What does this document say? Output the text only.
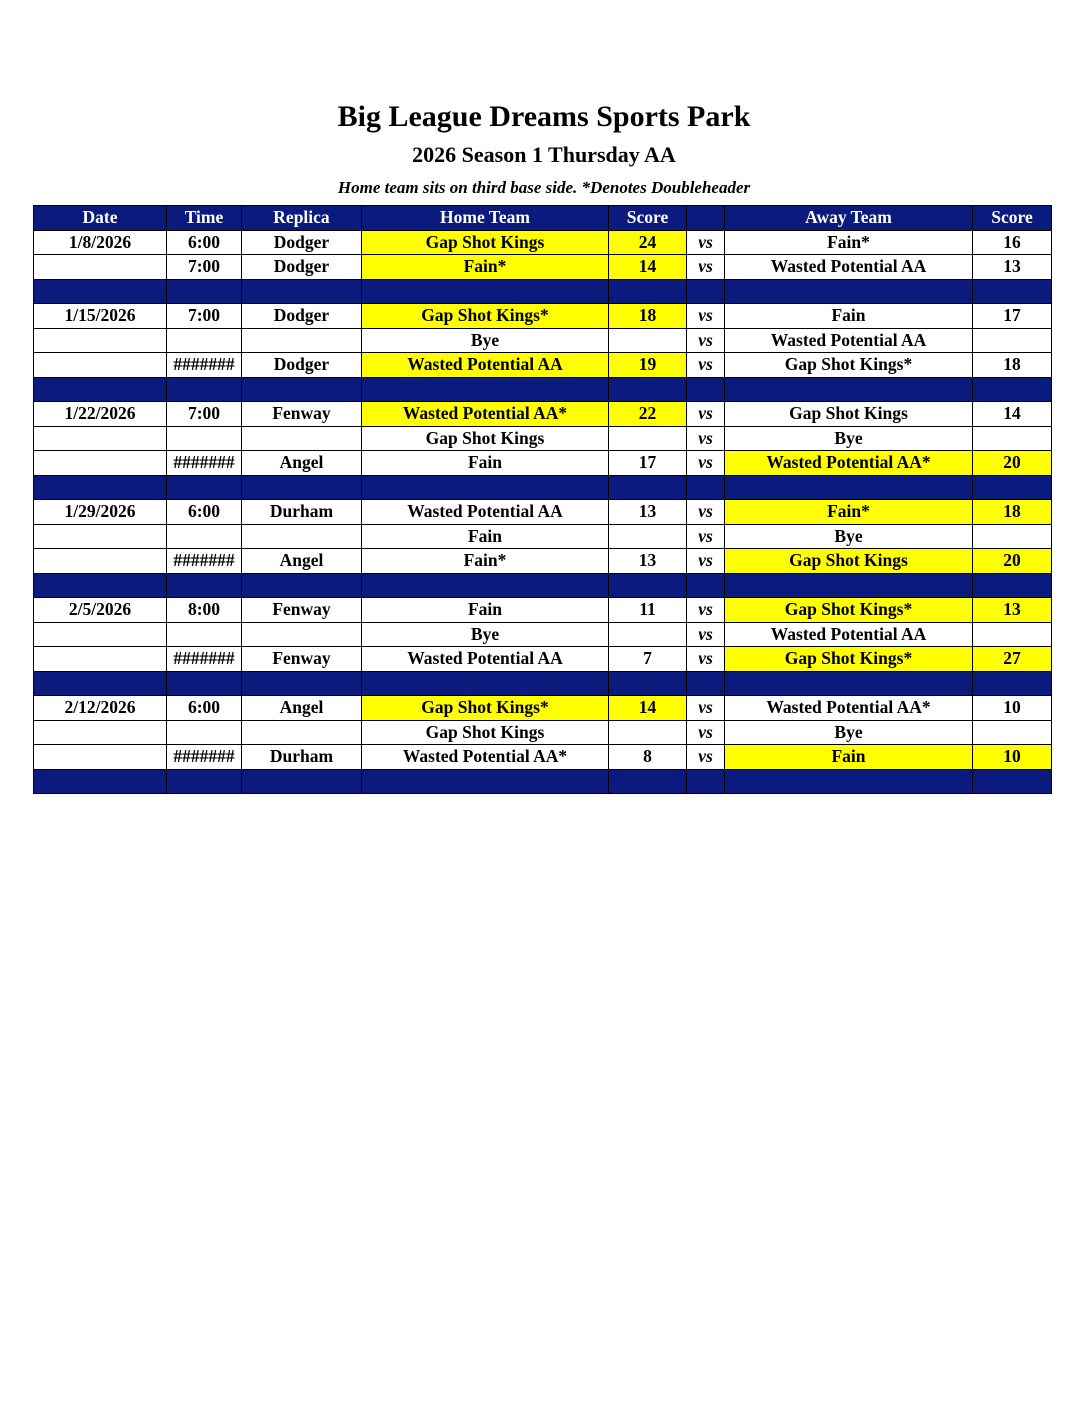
Big League Dreams Sports Park
2026 Season 1 Thursday AA
Home team sits on third base side. *Denotes Doubleheader
Date	Time	Replica	Home Team	Score		Away Team	Score
1/8/2026	6:00	Dodger	Gap Shot Kings	24	vs	Fain*	16
	7:00	Dodger	Fain*	14	vs	Wasted Potential AA	13

1/15/2026	7:00	Dodger	Gap Shot Kings*	18	vs	Fain	17
			Bye		vs	Wasted Potential AA	
	#######	Dodger	Wasted Potential AA	19	vs	Gap Shot Kings*	18

1/22/2026	7:00	Fenway	Wasted Potential AA*	22	vs	Gap Shot Kings	14
			Gap Shot Kings		vs	Bye	
	#######	Angel	Fain	17	vs	Wasted Potential AA*	20

1/29/2026	6:00	Durham	Wasted Potential AA	13	vs	Fain*	18
			Fain		vs	Bye	
	#######	Angel	Fain*	13	vs	Gap Shot Kings	20

2/5/2026	8:00	Fenway	Fain	11	vs	Gap Shot Kings*	13
			Bye		vs	Wasted Potential AA	
	#######	Fenway	Wasted Potential AA	7	vs	Gap Shot Kings*	27

2/12/2026	6:00	Angel	Gap Shot Kings*	14	vs	Wasted Potential AA*	10
			Gap Shot Kings		vs	Bye	
	#######	Durham	Wasted Potential AA*	8	vs	Fain	10
